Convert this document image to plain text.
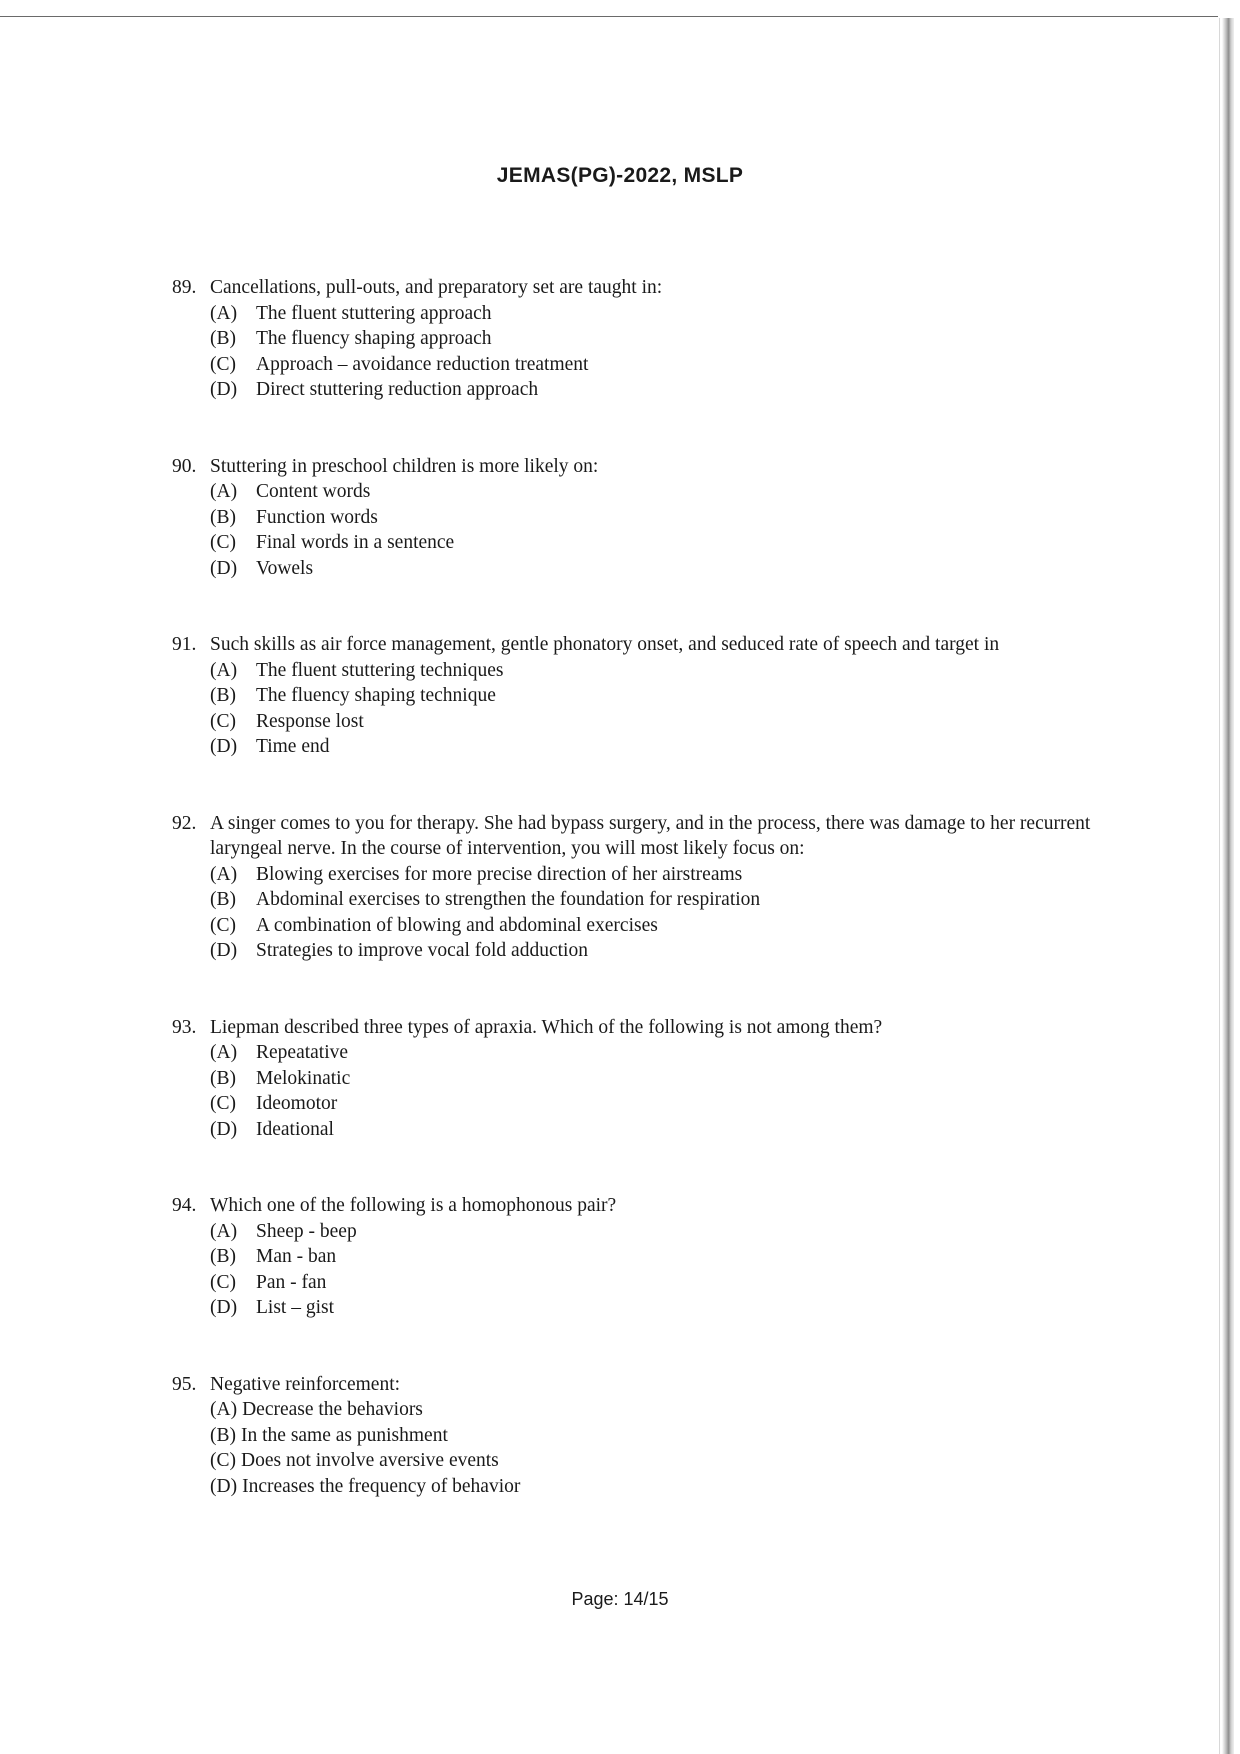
JEMAS(PG)-2022, MSLP
89. Cancellations, pull-outs, and preparatory set are taught in:
(A) The fluent stuttering approach
(B)	The fluency shaping approach
(C)	Approach – avoidance reduction treatment
(D) Direct stuttering reduction approach
90. Stuttering in preschool children is more likely on:
(A) Content words
(B)	Function words
(C)	Final words in a sentence
(D) Vowels
91. Such skills as air force management, gentle phonatory onset, and seduced rate of speech and target in
(A) The fluent stuttering techniques
(B)	The fluency shaping technique
(C)	Response lost
(D) Time end
92. A singer comes to you for therapy. She had bypass surgery, and in the process, there was damage to her recurrent laryngeal nerve. In the course of intervention, you will most likely focus on:
(A) Blowing exercises for more precise direction of her airstreams
(B)	Abdominal exercises to strengthen the foundation for respiration
(C)	A combination of blowing and abdominal exercises
(D) Strategies to improve vocal fold adduction
93. Liepman described three types of apraxia. Which of the following is not among them?
(A) Repeatative
(B)	Melokinatic
(C)	Ideomotor
(D) Ideational
94. Which one of the following is a homophonous pair?
(A) Sheep - beep
(B)	Man - ban
(C)	Pan - fan
(D) List – gist
95. Negative reinforcement:
(A) Decrease the behaviors
(B) In the same as punishment
(C) Does not involve aversive events
(D) Increases the frequency of behavior
Page: 14/15
